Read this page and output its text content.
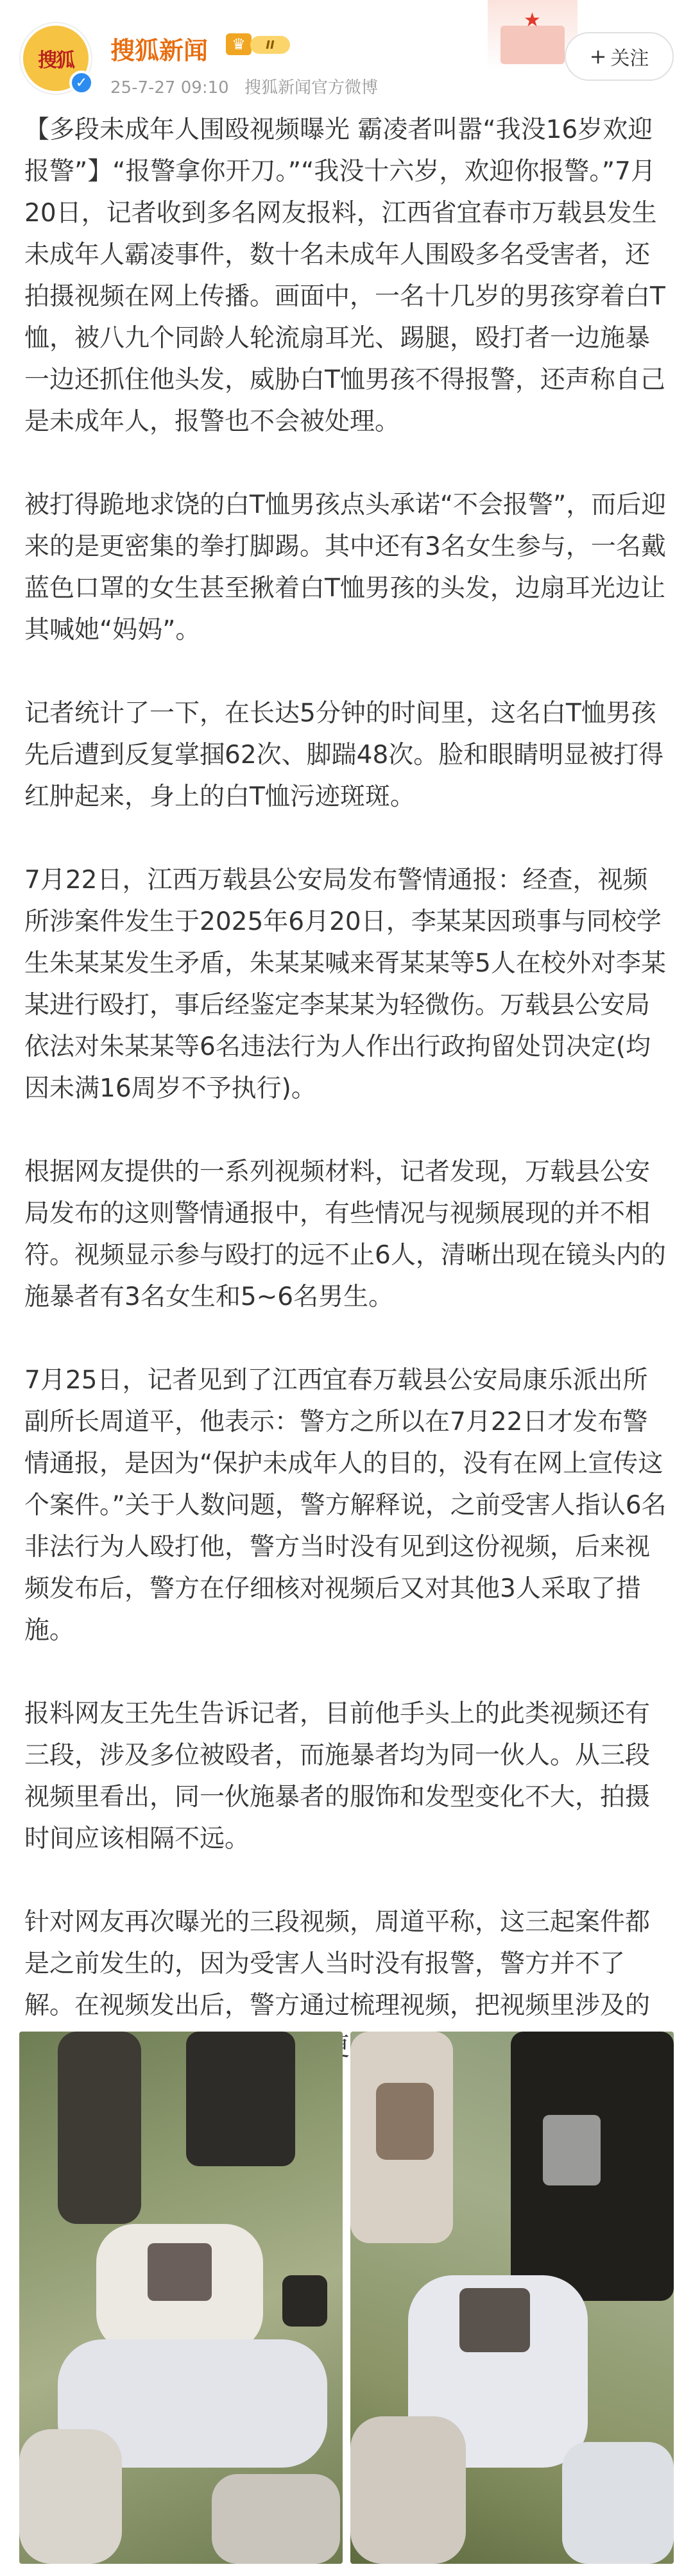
搜狐
✓
搜狐新闻	♛	II
25-7-27 09:10 搜狐新闻官方微博
★
+ 关注

【多段未成年人围殴视频曝光 霸凌者叫嚣“我没16岁欢迎报警”】“报警拿你开刀。”“我没十六岁，欢迎你报警。”7月20日，记者收到多名网友报料，江西省宜春市万载县发生未成年人霸凌事件，数十名未成年人围殴多名受害者，还拍摄视频在网上传播。画面中，一名十几岁的男孩穿着白T恤，被八九个同龄人轮流扇耳光、踢腿，殴打者一边施暴一边还抓住他头发，威胁白T恤男孩不得报警，还声称自己是未成年人，报警也不会被处理。

被打得跪地求饶的白T恤男孩点头承诺“不会报警”，而后迎来的是更密集的拳打脚踢。其中还有3名女生参与，一名戴蓝色口罩的女生甚至揪着白T恤男孩的头发，边扇耳光边让其喊她“妈妈”。

记者统计了一下，在长达5分钟的时间里，这名白T恤男孩先后遭到反复掌掴62次、脚踹48次。脸和眼睛明显被打得红肿起来，身上的白T恤污迹斑斑。

7月22日，江西万载县公安局发布警情通报：经查，视频所涉案件发生于2025年6月20日，李某某因琐事与同校学生朱某某发生矛盾，朱某某喊来胥某某等5人在校外对李某某进行殴打，事后经鉴定李某某为轻微伤。万载县公安局依法对朱某某等6名违法行为人作出行政拘留处罚决定(均因未满16周岁不予执行)。

根据网友提供的一系列视频材料，记者发现，万载县公安局发布的这则警情通报中，有些情况与视频展现的并不相符。视频显示参与殴打的远不止6人，清晰出现在镜头内的施暴者有3名女生和5~6名男生。

7月25日，记者见到了江西宜春万载县公安局康乐派出所副所长周道平，他表示：警方之所以在7月22日才发布警情通报，是因为“保护未成年人的目的，没有在网上宣传这个案件。”关于人数问题，警方解释说，之前受害人指认6名非法行为人殴打他，警方当时没有见到这份视频，后来视频发布后，警方在仔细核对视频后又对其他3人采取了措施。

报料网友王先生告诉记者，目前他手头上的此类视频还有三段，涉及多位被殴者，而施暴者均为同一伙人。从三段视频里看出，同一伙施暴者的服饰和发型变化不大，拍摄时间应该相隔不远。

针对网友再次曝光的三段视频，周道平称，这三起案件都是之前发生的，因为受害人当时没有报警，警方并不了解。在视频发出后，警方通过梳理视频，把视频里涉及的
